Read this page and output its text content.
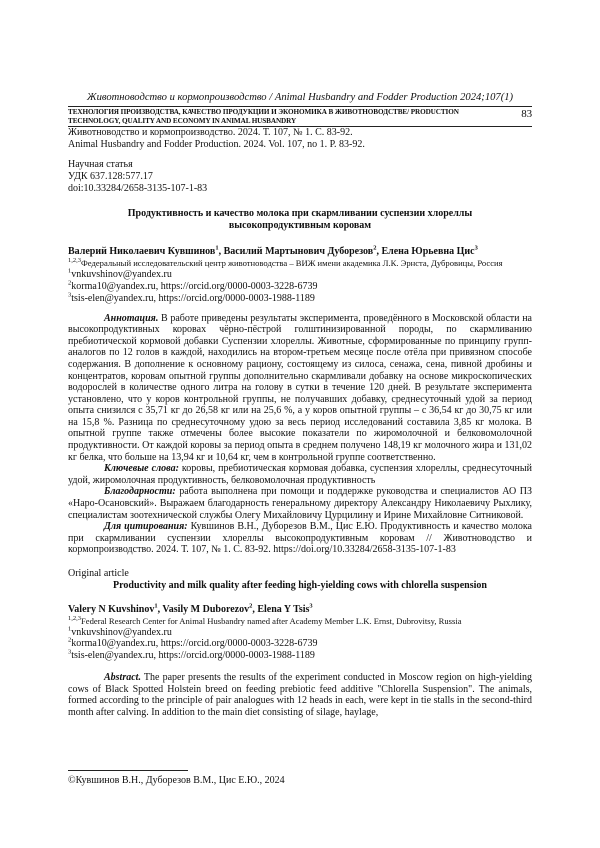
Животноводство и кормопроизводство / Animal Husbandry and Fodder Production 2024;107(1)
ТЕХНОЛОГИЯ ПРОИЗВОДСТВА, КАЧЕСТВО ПРОДУКЦИИ И ЭКОНОМИКА В ЖИВОТНОВОДСТВЕ/ PRODUCTION TECHNOLOGY, QUALITY AND ECONOMY IN ANIMAL HUSBANDRY
83
Животноводство и кормопроизводство. 2024. Т. 107, № 1. С. 83-92.
Animal Husbandry and Fodder Production. 2024. Vol. 107, no 1. P. 83-92.
Научная статья
УДК 637.128:577.17
doi:10.33284/2658-3135-107-1-83
Продуктивность и качество молока при скармливании суспензии хлореллы высокопродуктивным коровам
Валерий Николаевич Кувшинов$^1$, Василий Мартынович Дуборезов$^2$, Елена Юрьевна Цис$^3$
$^{1,2,3}$Федеральный исследовательский центр животноводства – ВИЖ имени академика Л.К. Эрнста, Дубровицы, Россия
$^1$vnkuvshinov@yandex.ru
$^2$korma10@yandex.ru, https://orcid.org/0000-0003-3228-6739
$^3$tsis-elen@yandex.ru, https://orcid.org/0000-0003-1988-1189
Аннотация. В работе приведены результаты эксперимента, проведённого в Московской области на высокопродуктивных коровах чёрно-пёстрой голштинизированной породы, по скармливанию пребиотической кормовой добавки Суспензии хлореллы. Животные, сформированные по принципу групп-аналогов по 12 голов в каждой, находились на втором-третьем месяце после отёла при привязном способе содержания. В дополнение к основному рациону, состоящему из силоса, сенажа, сена, пивной дробины и концентратов, коровам опытной группы дополнительно скармливали добавку на основе микроскопических водорослей в количестве одного литра на голову в сутки в течение 120 дней. В результате эксперимента установлено, что у коров контрольной группы, не получавших добавку, среднесуточный удой за период опыта снизился с 35,71 кг до 26,58 кг или на 25,6 %, а у коров опытной группы – с 36,54 кг до 30,75 кг или на 15,8 %. Разница по среднесуточному удою за весь период исследований составила 3,85 кг молока. В опытной группе также отмечены более высокие показатели по жиромолочной и белковомолочной продуктивности. От каждой коровы за период опыта в среднем получено 148,19 кг молочного жира и 131,02 кг белка, что больше на 13,94 кг и 10,64 кг, чем в контрольной группе соответственно.
Ключевые слова: коровы, пребиотическая кормовая добавка, суспензия хлореллы, среднесуточный удой, жиромолочная продуктивность, белковомолочная продуктивность
Благодарности: работа выполнена при помощи и поддержке руководства и специалистов АО ПЗ «Наро-Осановский». Выражаем благодарность генеральному директору Александру Николаевичу Рыхлику, специалистам зоотехнической службы Олегу Михайловичу Цурцилину и Ирине Михайловне Ситниковой.
Для цитирования: Кувшинов В.Н., Дуборезов В.М., Цис Е.Ю. Продуктивность и качество молока при скармливании суспензии хлореллы высокопродуктивным коровам // Животноводство и кормопроизводство. 2024. Т. 107, № 1. С. 83-92. https://doi.org/10.33284/2658-3135-107-1-83
Original article
Productivity and milk quality after feeding high-yielding cows with chlorella suspension
Valery N Kuvshinov$^1$, Vasily M Duborezov$^2$, Elena Y Tsis$^3$
$^{1,2,3}$Federal Research Center for Animal Husbandry named after Academy Member L.K. Ernst, Dubrovitsy, Russia
$^1$vnkuvshinov@yandex.ru
$^2$korma10@yandex.ru, https://orcid.org/0000-0003-3228-6739
$^3$tsis-elen@yandex.ru, https://orcid.org/0000-0003-1988-1189
Abstract. The paper presents the results of the experiment conducted in Moscow region on high-yielding cows of Black Spotted Holstein breed on feeding prebiotic feed additive "Chlorella Suspension". The animals, formed according to the principle of pair analogues with 12 heads in each, were kept in tie stalls in the second-third month after calving. In addition to the main diet consisting of silage, haylage,
©Кувшинов В.Н., Дуборезов В.М., Цис Е.Ю., 2024
